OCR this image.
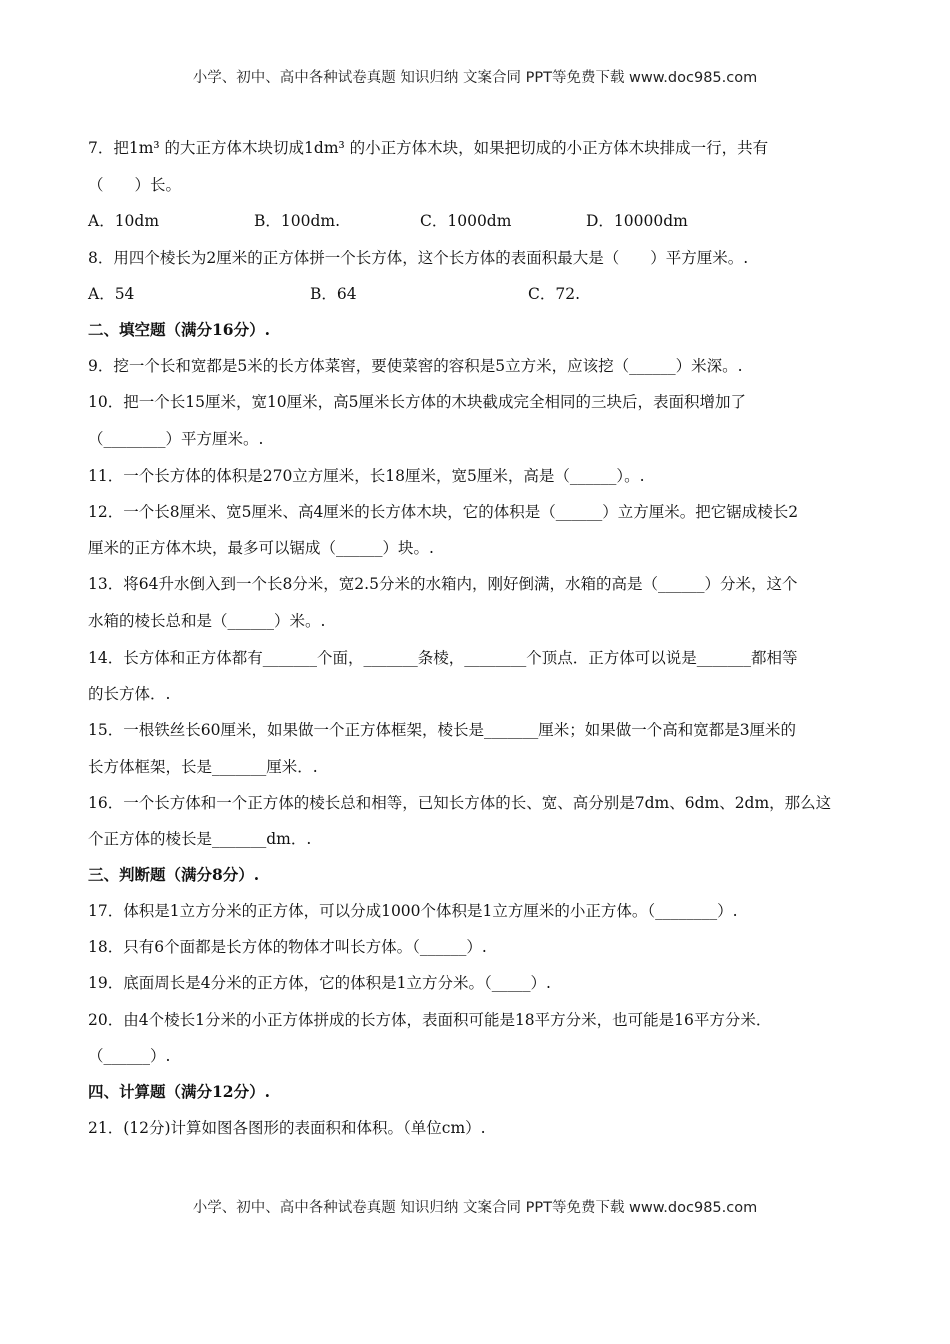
小学、初中、高中各种试卷真题 知识归纳 文案合同 PPT等免费下载 www.doc985.com
7．把1m³ 的大正方体木块切成1dm³ 的小正方体木块，如果把切成的小正方体木块排成一行，共有
（　　）长。
A．10dm	B．100dm.	C．1000dm	D．10000dm
8．用四个棱长为2厘米的正方体拼一个长方体，这个长方体的表面积最大是（　　）平方厘米。.
A．54	B．64	C．72.
二、填空题（满分16分）.
9．挖一个长和宽都是5米的长方体菜窖，要使菜窖的容积是5立方米，应该挖（______）米深。.
10．把一个长15厘米，宽10厘米，高5厘米长方体的木块截成完全相同的三块后，表面积增加了
（________）平方厘米。.
11．一个长方体的体积是270立方厘米，长18厘米，宽5厘米，高是（______）。.
12．一个长8厘米、宽5厘米、高4厘米的长方体木块，它的体积是（______）立方厘米。把它锯成棱长2
厘米的正方体木块，最多可以锯成（______）块。.
13．将64升水倒入到一个长8分米，宽2.5分米的水箱内，刚好倒满，水箱的高是（______）分米，这个
水箱的棱长总和是（______）米。.
14．长方体和正方体都有_______个面，_______条棱，________个顶点．正方体可以说是_______都相等
的长方体．.
15．一根铁丝长60厘米，如果做一个正方体框架，棱长是_______厘米；如果做一个高和宽都是3厘米的
长方体框架，长是_______厘米．.
16．一个长方体和一个正方体的棱长总和相等，已知长方体的长、宽、高分别是7dm、6dm、2dm，那么这
个正方体的棱长是_______dm．.
三、判断题（满分8分）.
17．体积是1立方分米的正方体，可以分成1000个体积是1立方厘米的小正方体。（________）.
18．只有6个面都是长方体的物体才叫长方体。（______）.
19．底面周长是4分米的正方体，它的体积是1立方分米。（_____）.
20．由4个棱长1分米的小正方体拼成的长方体，表面积可能是18平方分米，也可能是16平方分米．
（______）.
四、计算题（满分12分）.
21．(12分)计算如图各图形的表面积和体积。（单位cm）.
小学、初中、高中各种试卷真题 知识归纳 文案合同 PPT等免费下载 www.doc985.com
